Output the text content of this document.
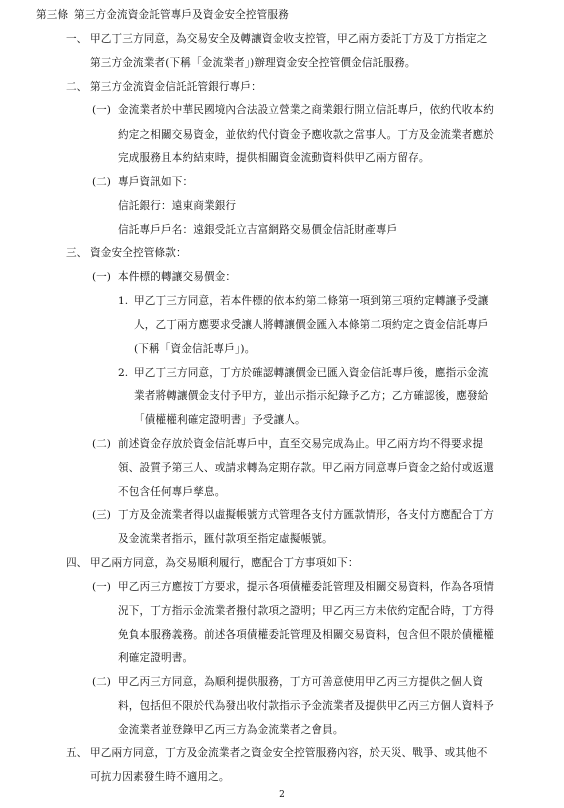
第三條 第三方金流資金託管專戶及資金安全控管服務
一、 甲乙丁三方同意，為交易安全及轉讓資金收支控管，甲乙兩方委託丁方及丁方指定之
第三方金流業者(下稱「金流業者」)辦理資金安全控管價金信託服務。
二、 第三方金流資金信託託管銀行專戶：
(一) 金流業者於中華民國境內合法設立營業之商業銀行開立信託專戶，依約代收本約
約定之相關交易資金，並依約代付資金予應收款之當事人。丁方及金流業者應於
完成服務且本約結束時，提供相關資金流動資料供甲乙兩方留存。
(二) 專戶資訊如下：
信託銀行：遠東商業銀行
信託專戶戶名：遠銀受託立吉富網路交易價金信託財產專戶
三、 資金安全控管條款：
(一) 本件標的轉讓交易價金：
1. 甲乙丁三方同意，若本件標的依本約第二條第一項到第三項約定轉讓予受讓
人，乙丁兩方應要求受讓人將轉讓價金匯入本條第二項約定之資金信託專戶
(下稱「資金信託專戶」)。
2. 甲乙丁三方同意，丁方於確認轉讓價金已匯入資金信託專戶後，應指示金流
業者將轉讓價金支付予甲方，並出示指示紀錄予乙方；乙方確認後，應發給
「債權權利確定證明書」予受讓人。
(二) 前述資金存放於資金信託專戶中，直至交易完成為止。甲乙兩方均不得要求提
領、設質予第三人、或請求轉為定期存款。甲乙兩方同意專戶資金之給付或返還
不包含任何專戶孳息。
(三) 丁方及金流業者得以虛擬帳號方式管理各支付方匯款情形，各支付方應配合丁方
及金流業者指示，匯付款項至指定虛擬帳號。
四、 甲乙兩方同意，為交易順利履行，應配合丁方事項如下：
(一) 甲乙丙三方應按丁方要求，提示各項債權委託管理及相關交易資料，作為各項情
況下，丁方指示金流業者撥付款項之證明；甲乙丙三方未依約定配合時，丁方得
免負本服務義務。前述各項債權委託管理及相關交易資料，包含但不限於債權權
利確定證明書。
(二) 甲乙丙三方同意，為順利提供服務，丁方可善意使用甲乙丙三方提供之個人資
料，包括但不限於代為發出收付款指示予金流業者及提供甲乙丙三方個人資料予
金流業者並登錄甲乙丙三方為金流業者之會員。
五、 甲乙兩方同意，丁方及金流業者之資金安全控管服務內容，於天災、戰爭、或其他不
可抗力因素發生時不適用之。
2
